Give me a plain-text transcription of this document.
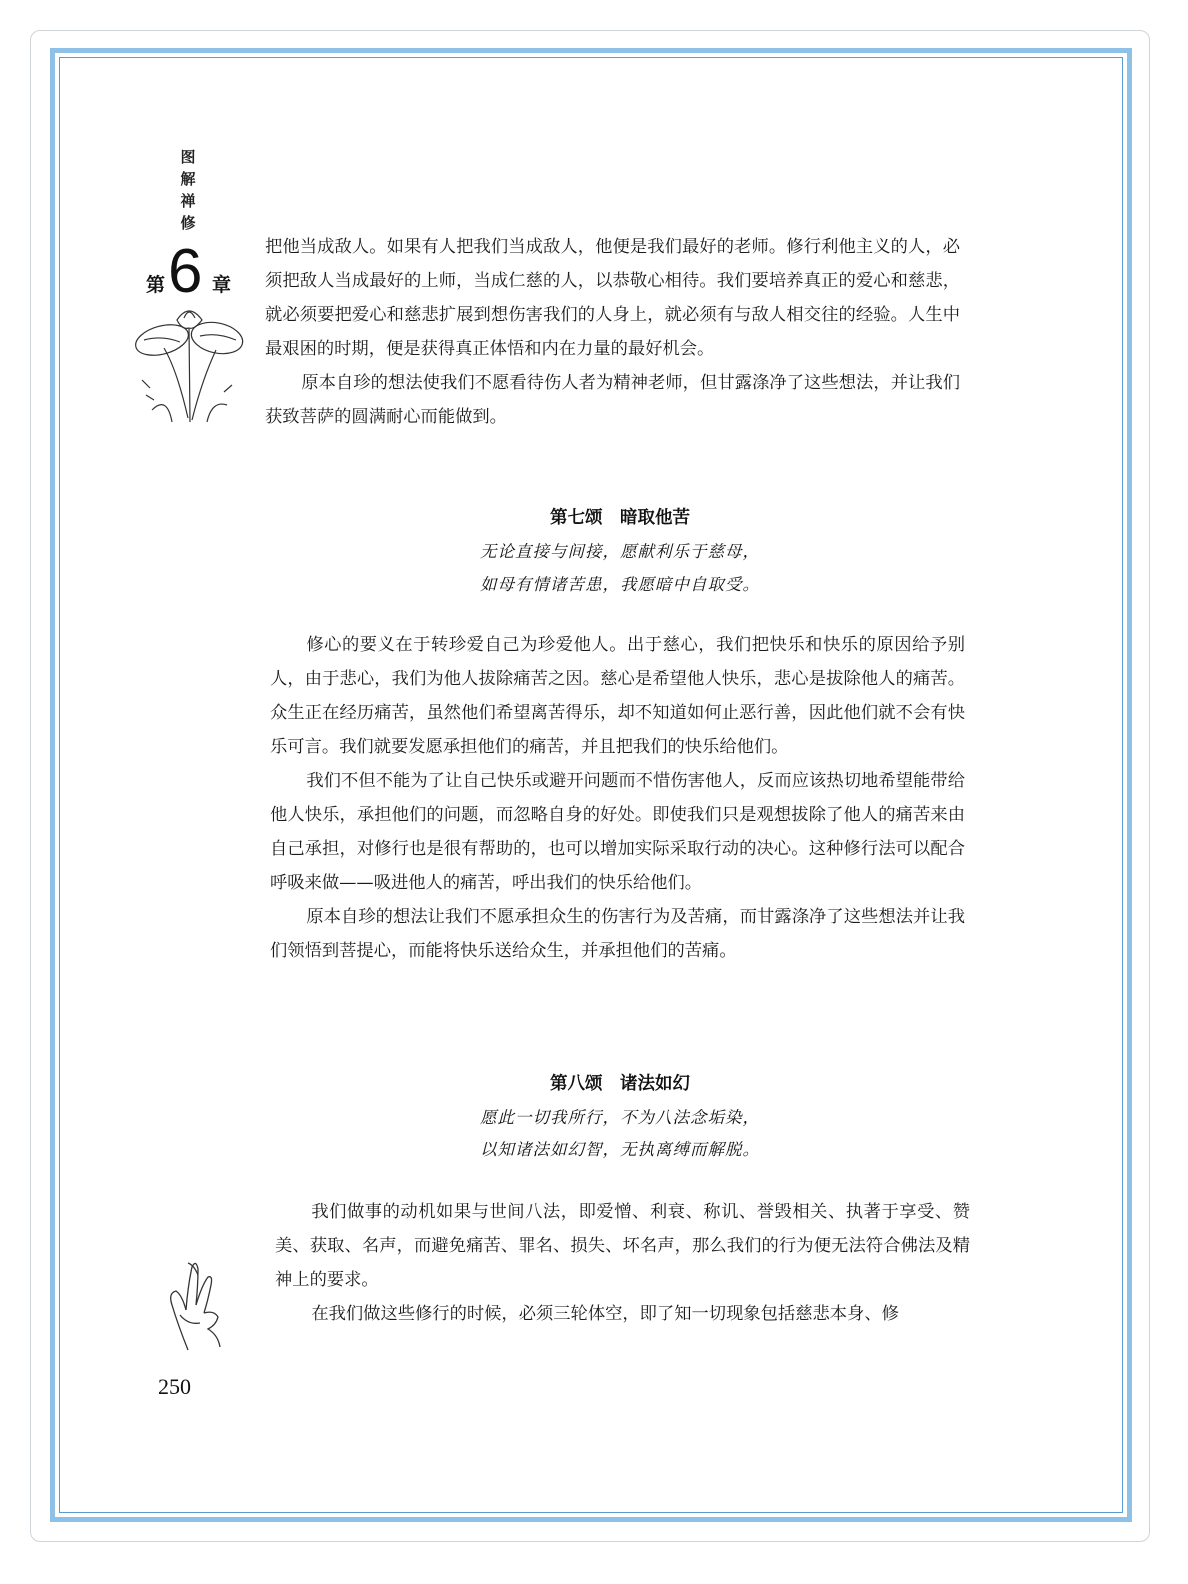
图
解
禅
修
第 6 章

把他当成敌人。如果有人把我们当成敌人，他便是我们最好的老师。修行利他主义的人，必须把敌人当成最好的上师，当成仁慈的人，以恭敬心相待。我们要培养真正的爱心和慈悲，就必须要把爱心和慈悲扩展到想伤害我们的人身上，就必须有与敌人相交往的经验。人生中最艰困的时期，便是获得真正体悟和内在力量的最好机会。

原本自珍的想法使我们不愿看待伤人者为精神老师，但甘露涤净了这些想法，并让我们获致菩萨的圆满耐心而能做到。

第七颂　暗取他苦
无论直接与间接，愿献利乐于慈母，
如母有情诸苦患，我愿暗中自取受。

修心的要义在于转珍爱自己为珍爱他人。出于慈心，我们把快乐和快乐的原因给予别人，由于悲心，我们为他人拔除痛苦之因。慈心是希望他人快乐，悲心是拔除他人的痛苦。众生正在经历痛苦，虽然他们希望离苦得乐，却不知道如何止恶行善，因此他们就不会有快乐可言。我们就要发愿承担他们的痛苦，并且把我们的快乐给他们。

我们不但不能为了让自己快乐或避开问题而不惜伤害他人，反而应该热切地希望能带给他人快乐，承担他们的问题，而忽略自身的好处。即使我们只是观想拔除了他人的痛苦来由自己承担，对修行也是很有帮助的，也可以增加实际采取行动的决心。这种修行法可以配合呼吸来做——吸进他人的痛苦，呼出我们的快乐给他们。

原本自珍的想法让我们不愿承担众生的伤害行为及苦痛，而甘露涤净了这些想法并让我们领悟到菩提心，而能将快乐送给众生，并承担他们的苦痛。

第八颂　诸法如幻
愿此一切我所行，不为八法念垢染，
以知诸法如幻智，无执离缚而解脱。

我们做事的动机如果与世间八法，即爱憎、利衰、称讥、誉毁相关、执著于享受、赞美、获取、名声，而避免痛苦、罪名、损失、坏名声，那么我们的行为便无法符合佛法及精神上的要求。

在我们做这些修行的时候，必须三轮体空，即了知一切现象包括慈悲本身、修

250
